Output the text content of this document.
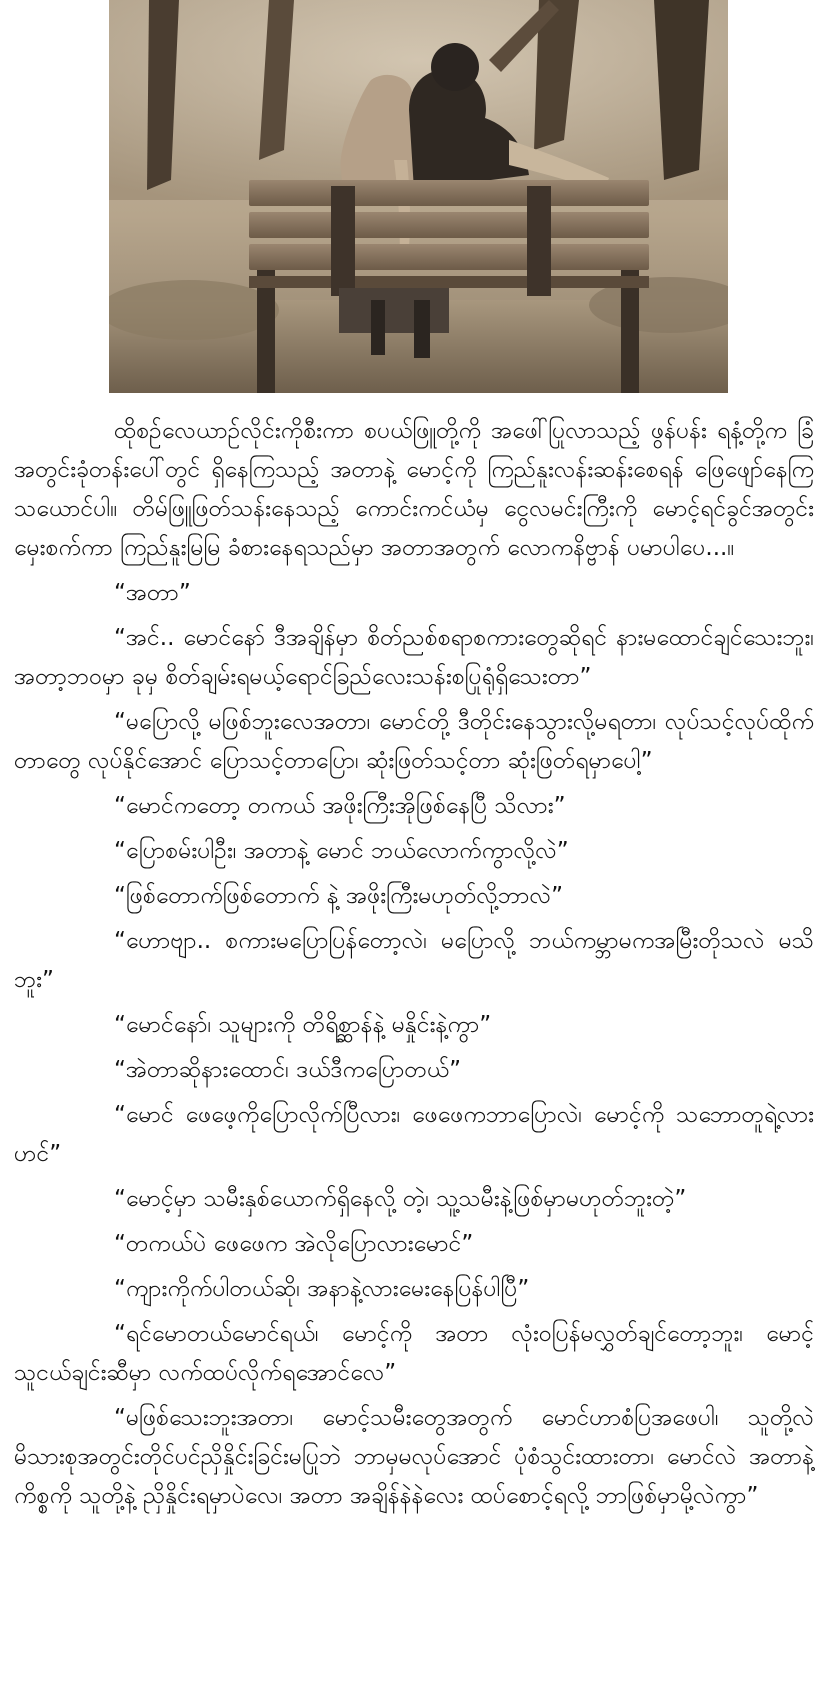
ထိုစဥ်လေယာဉ်လိုင်းကိုစီးကာ စပယ်ဖြူတို့ကို အဖေါ်ပြုလာသည့် ဖွန်ပန်း ရနံ့တို့က ခြံအတွင်းခုံတန်းပေါ်တွင် ရှိနေကြသည့် အတာနဲ့ မောင့်ကို ကြည်နူးလန်းဆန်းစေရန် ဖြေဖျော်နေကြသယောင်ပါ။ တိမ်ဖြူဖြတ်သန်းနေသည့် ကောင်းကင်ယံမှ ငွေလမင်းကြီးကို မောင့်ရင်ခွင်အတွင်းမှေးစက်ကာ ကြည်နူးမြမြ ခံစားနေရသည်မှာ အတာအတွက် လောကနိဗ္ဗာန် ပမာပါပေ...။

“အတာ”

“အင်.. မောင်နော် ဒီအချိန်မှာ စိတ်ညစ်စရာစကားတွေဆိုရင် နားမထောင်ချင်သေးဘူး၊ အတာ့ဘဝမှာ ခုမှ စိတ်ချမ်းရမယ့်ရောင်ခြည်လေးသန်းစပြုရုံရှိသေးတာ”

“မပြောလို့ မဖြစ်ဘူးလေအတာ၊ မောင်တို့ ဒီတိုင်းနေသွားလို့မရတာ၊ လုပ်သင့်လုပ်ထိုက်တာတွေ လုပ်နိုင်အောင် ပြောသင့်တာပြော၊ ဆုံးဖြတ်သင့်တာ ဆုံးဖြတ်ရမှာပေါ့”

“မောင်ကတော့ တကယ် အဖိုးကြီးအိုဖြစ်နေပြီ သိလား”

“ပြောစမ်းပါဦး၊ အတာနဲ့ မောင် ဘယ်လောက်ကွာလို့လဲ”

“ဖြစ်တောက်ဖြစ်တောက် နဲ့ အဖိုးကြီးမဟုတ်လို့ဘာလဲ”

“ဟောဗျာ.. စကားမပြောပြန်တော့လဲ၊ မပြောလို့ ဘယ်ကမ္ဘာမကအမြီးတိုသလဲ မသိဘူး”

“မောင်နော်၊ သူများကို တိရိစ္ဆာန်နဲ့ မနှိုင်းနဲ့ကွာ”

“အဲတာဆိုနားထောင်၊ ဒယ်ဒီကပြောတယ်”

“မောင် ဖေဖေ့ကိုပြောလိုက်ပြီလား၊ ဖေဖေကဘာပြောလဲ၊ မောင့်ကို သဘောတူရဲ့လားဟင်”

“မောင့်မှာ သမီးနှစ်ယောက်ရှိနေလို့ တဲ့၊ သူ့သမီးနဲ့ဖြစ်မှာမဟုတ်ဘူးတဲ့”

“တကယ်ပဲ ဖေဖေက အဲလိုပြောလားမောင်”

“ကျားကိုက်ပါတယ်ဆို၊ အနာနဲ့လားမေးနေပြန်ပါပြီ”

“ရင်မောတယ်မောင်ရယ်၊ မောင့်ကို အတာ လုံးဝပြန်မလွှတ်ချင်တော့ဘူး၊ မောင့်သူငယ်ချင်းဆီမှာ လက်ထပ်လိုက်ရအောင်လေ”

“မဖြစ်သေးဘူးအတာ၊ မောင့်သမီးတွေအတွက် မောင်ဟာစံပြအဖေပါ၊ သူတို့လဲ မိသားစုအတွင်းတိုင်ပင်ညှိနှိုင်းခြင်းမပြုဘဲ ဘာမှမလုပ်အောင် ပုံစံသွင်းထားတာ၊ မောင်လဲ အတာနဲ့ကိစ္စကို သူတို့နဲ့ ညှိနှိုင်းရမှာပဲလေ၊ အတာ အချိန်နဲနဲလေး ထပ်စောင့်ရလို့ ဘာဖြစ်မှာမို့လဲကွာ”
